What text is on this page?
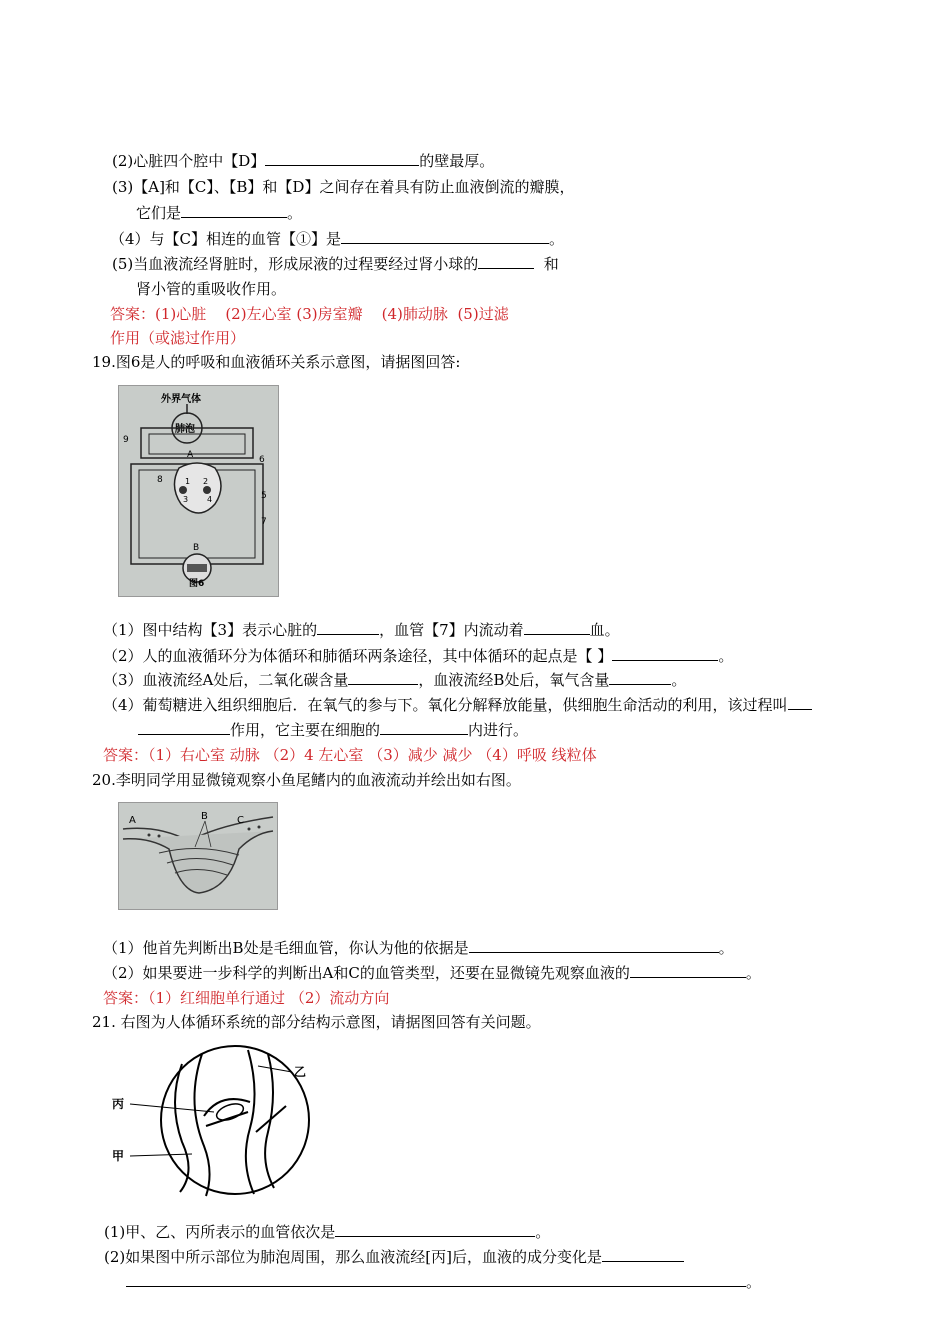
(2)心脏四个腔中【D】	的壁最厚。
(3)【A]和【C】、【B】和【D】之间存在着具有防止血液倒流的瓣膜，
它们是	。
（4）与【C】相连的血管【①】是	。
(5)当血液流经肾脏时，形成尿液的过程要经过肾小球的	和
肾小管的重吸收作用。
答案：(1)心脏    (2)左心室 (3)房室瓣    (4)肺动脉  (5)过滤
作用（或滤过作用）
19.图6是人的呼吸和血液循环关系示意图，请据图回答:
外界气体
肺泡
图6
9
A	6
8	1 2
3 4	5
7
B
（1）图中结构【3】表示心脏的	，血管【7】内流动着	血。
（2）人的血液循环分为体循环和肺循环两条途径，其中体循环的起点是【 】	。
（3）血液流经A处后，二氧化碳含量	，血液流经B处后，氧气含量	。
（4）葡萄糖进入组织细胞后．在氧气的参与下。氧化分解释放能量，供细胞生命活动的利用，该过程叫
作用，它主要在细胞的	内进行。
答案：（1）右心室 动脉 （2）4 左心室 （3）减少 减少 （4）呼吸 线粒体
20.李明同学用显微镜观察小鱼尾鳍内的血液流动并绘出如右图。
A	B	C
（1）他首先判断出B处是毛细血管，你认为他的依据是	。
（2）如果要进一步科学的判断出A和C的血管类型，还要在显微镜先观察血液的	。
答案：（1）红细胞单行通过 （2）流动方向
21. 右图为人体循环系统的部分结构示意图，请据图回答有关问题。
丙
乙
甲
(1)甲、乙、丙所表示的血管依次是	。
(2)如果图中所示部位为肺泡周围，那么血液流经[丙]后，血液的成分变化是
。
